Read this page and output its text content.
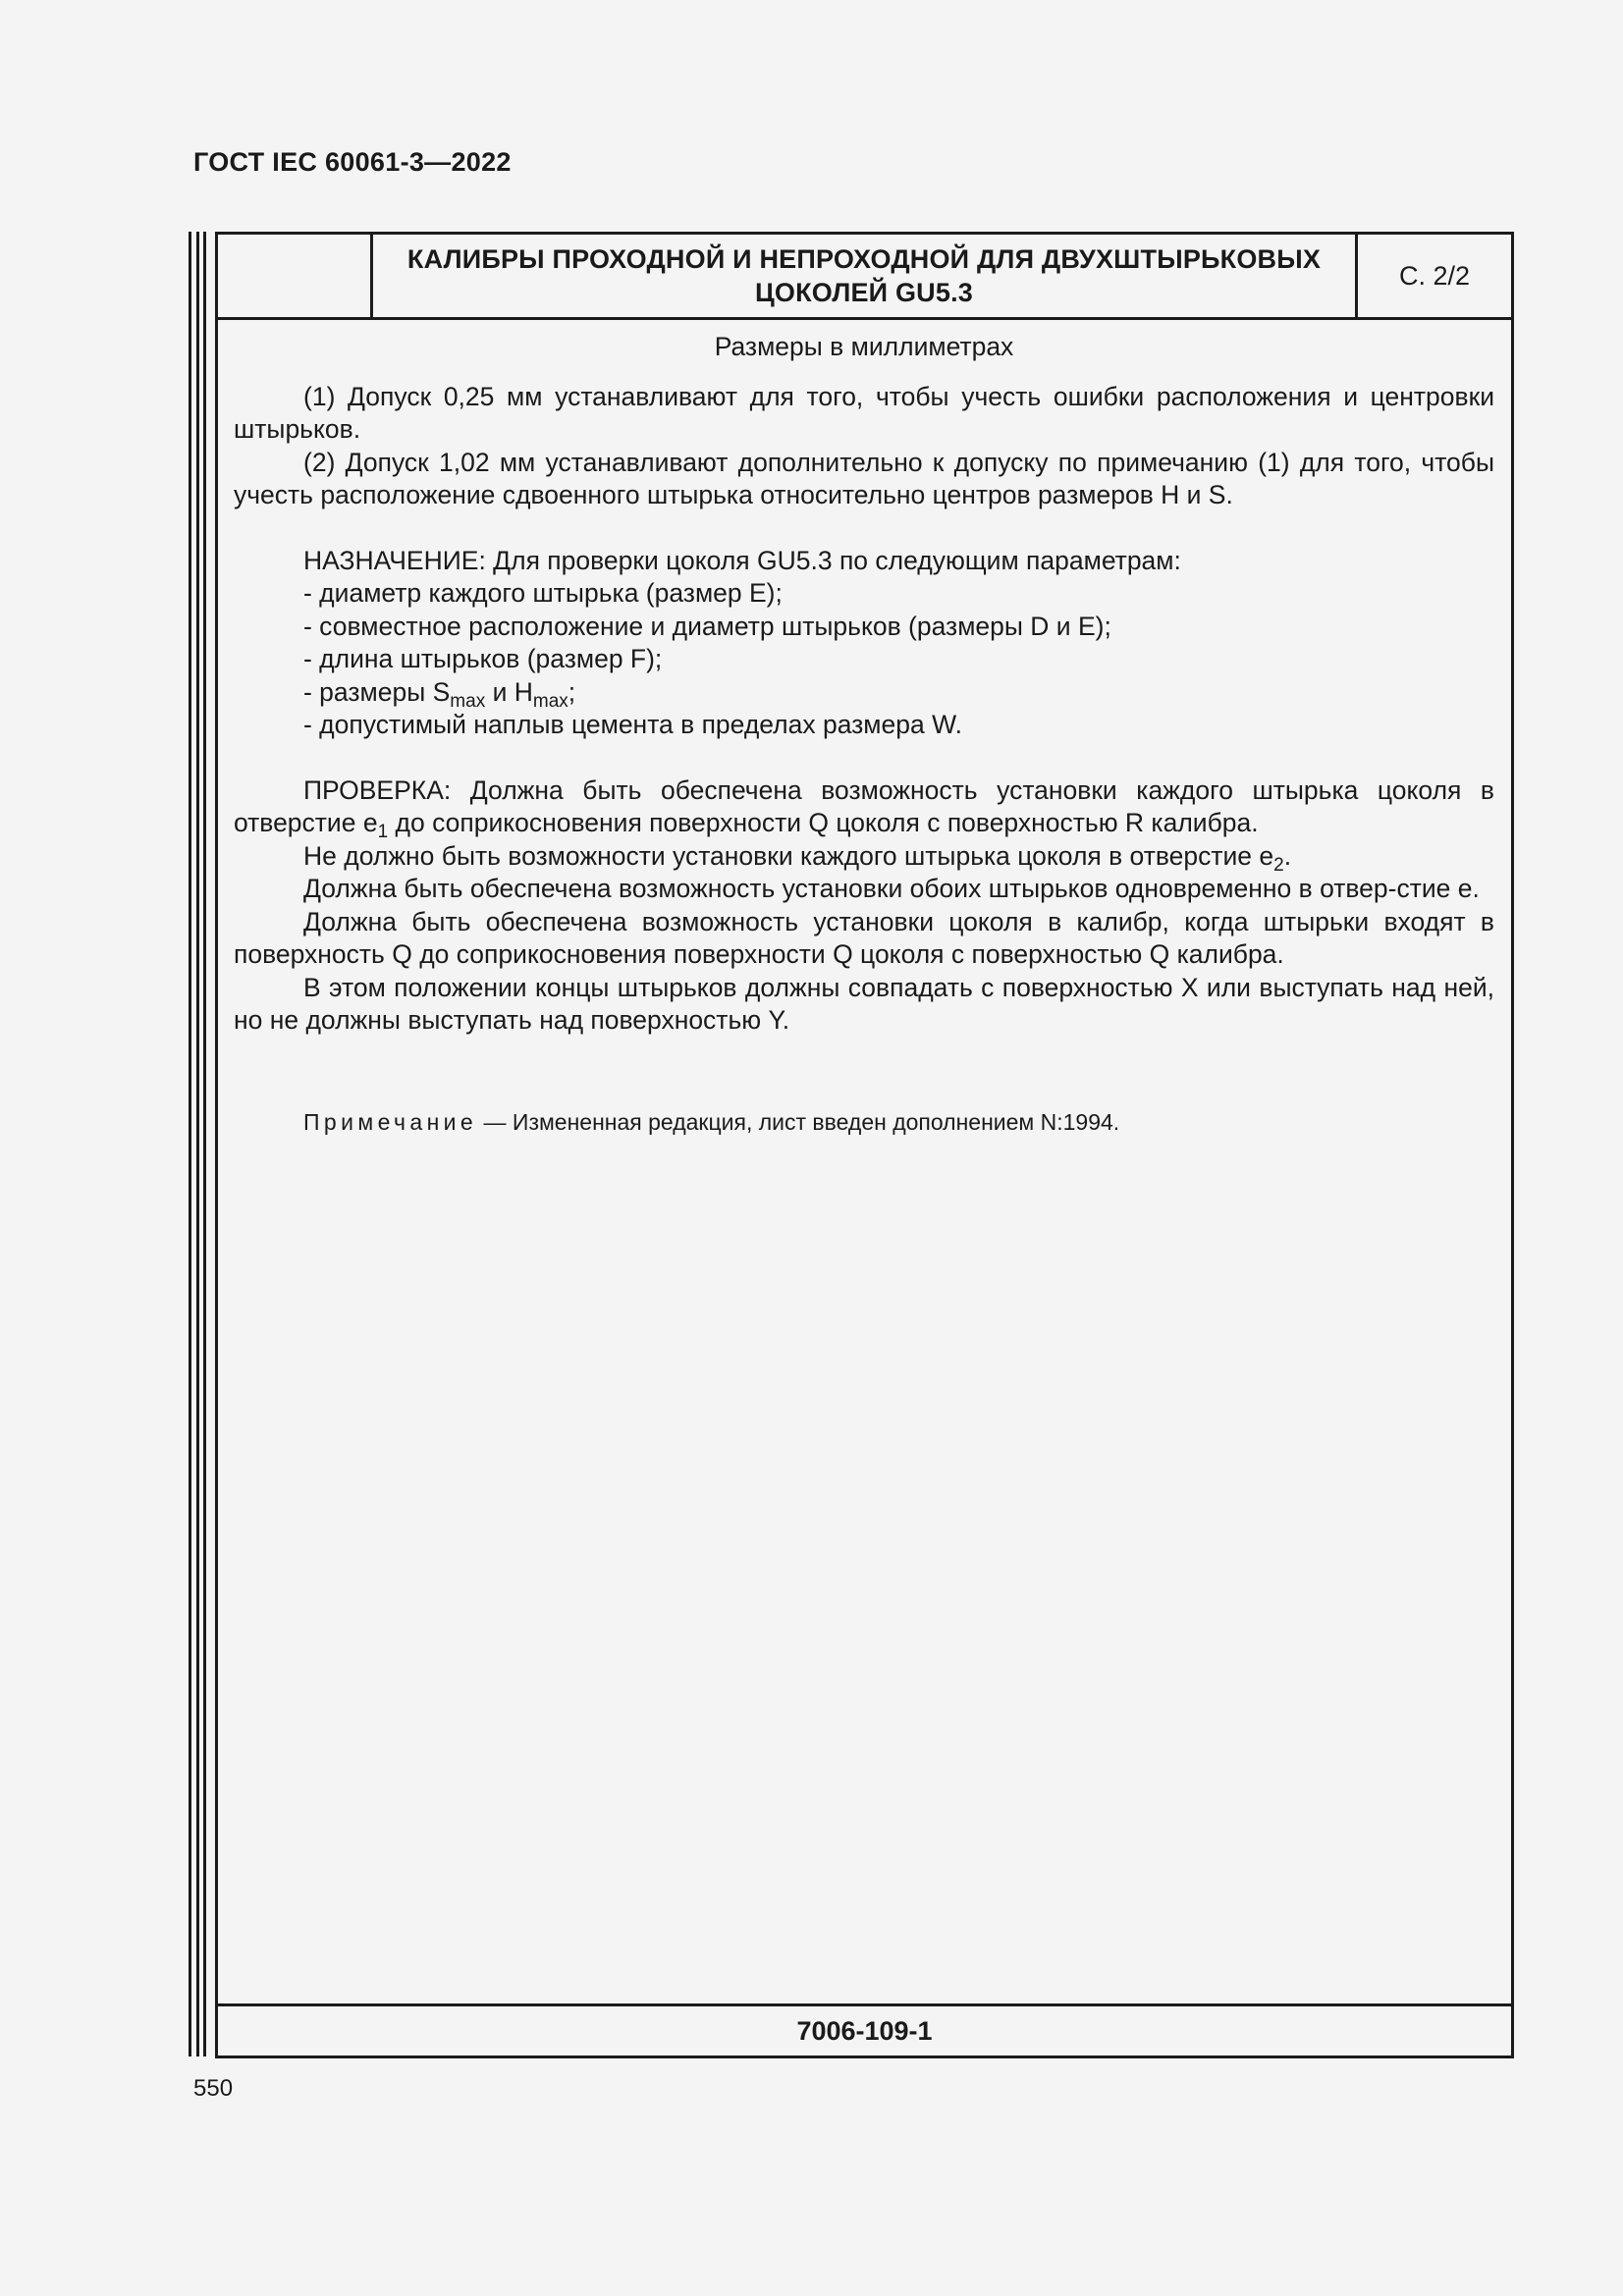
ГОСТ IEC 60061-3—2022
КАЛИБРЫ ПРОХОДНОЙ И НЕПРОХОДНОЙ ДЛЯ ДВУХШТЫРЬКОВЫХ
ЦОКОЛЕЙ GU5.3
С. 2/2
Размеры в миллиметрах

(1) Допуск 0,25 мм устанавливают для того, чтобы учесть ошибки расположения и центровки штырьков.

(2) Допуск 1,02 мм устанавливают дополнительно к допуску по примечанию (1) для того, чтобы учесть расположение сдвоенного штырька относительно центров размеров H и S.

НАЗНАЧЕНИЕ: Для проверки цоколя GU5.3 по следующим параметрам:

- диаметр каждого штырька (размер Е);
- совместное расположение и диаметр штырьков (размеры D и Е);
- длина штырьков (размер F);
- размеры $S_{max}$ и $H_{max}$;
- допустимый наплыв цемента в пределах размера W.

ПРОВЕРКА: Должна быть обеспечена возможность установки каждого штырька цоколя в отверстие $e_1$ до соприкосновения поверхности Q цоколя с поверхностью R калибра.

Не должно быть возможности установки каждого штырька цоколя в отверстие $e_2$.

Должна быть обеспечена возможность установки обоих штырьков одновременно в отвер-стие е.

Должна быть обеспечена возможность установки цоколя в калибр, когда штырьки входят в поверхность Q до соприкосновения поверхности Q цоколя с поверхностью Q калибра.

В этом положении концы штырьков должны совпадать с поверхностью X или выступать над ней, но не должны выступать над поверхностью Y.

Примечание — Измененная редакция, лист введен дополнением N:1994.
7006-109-1
550
